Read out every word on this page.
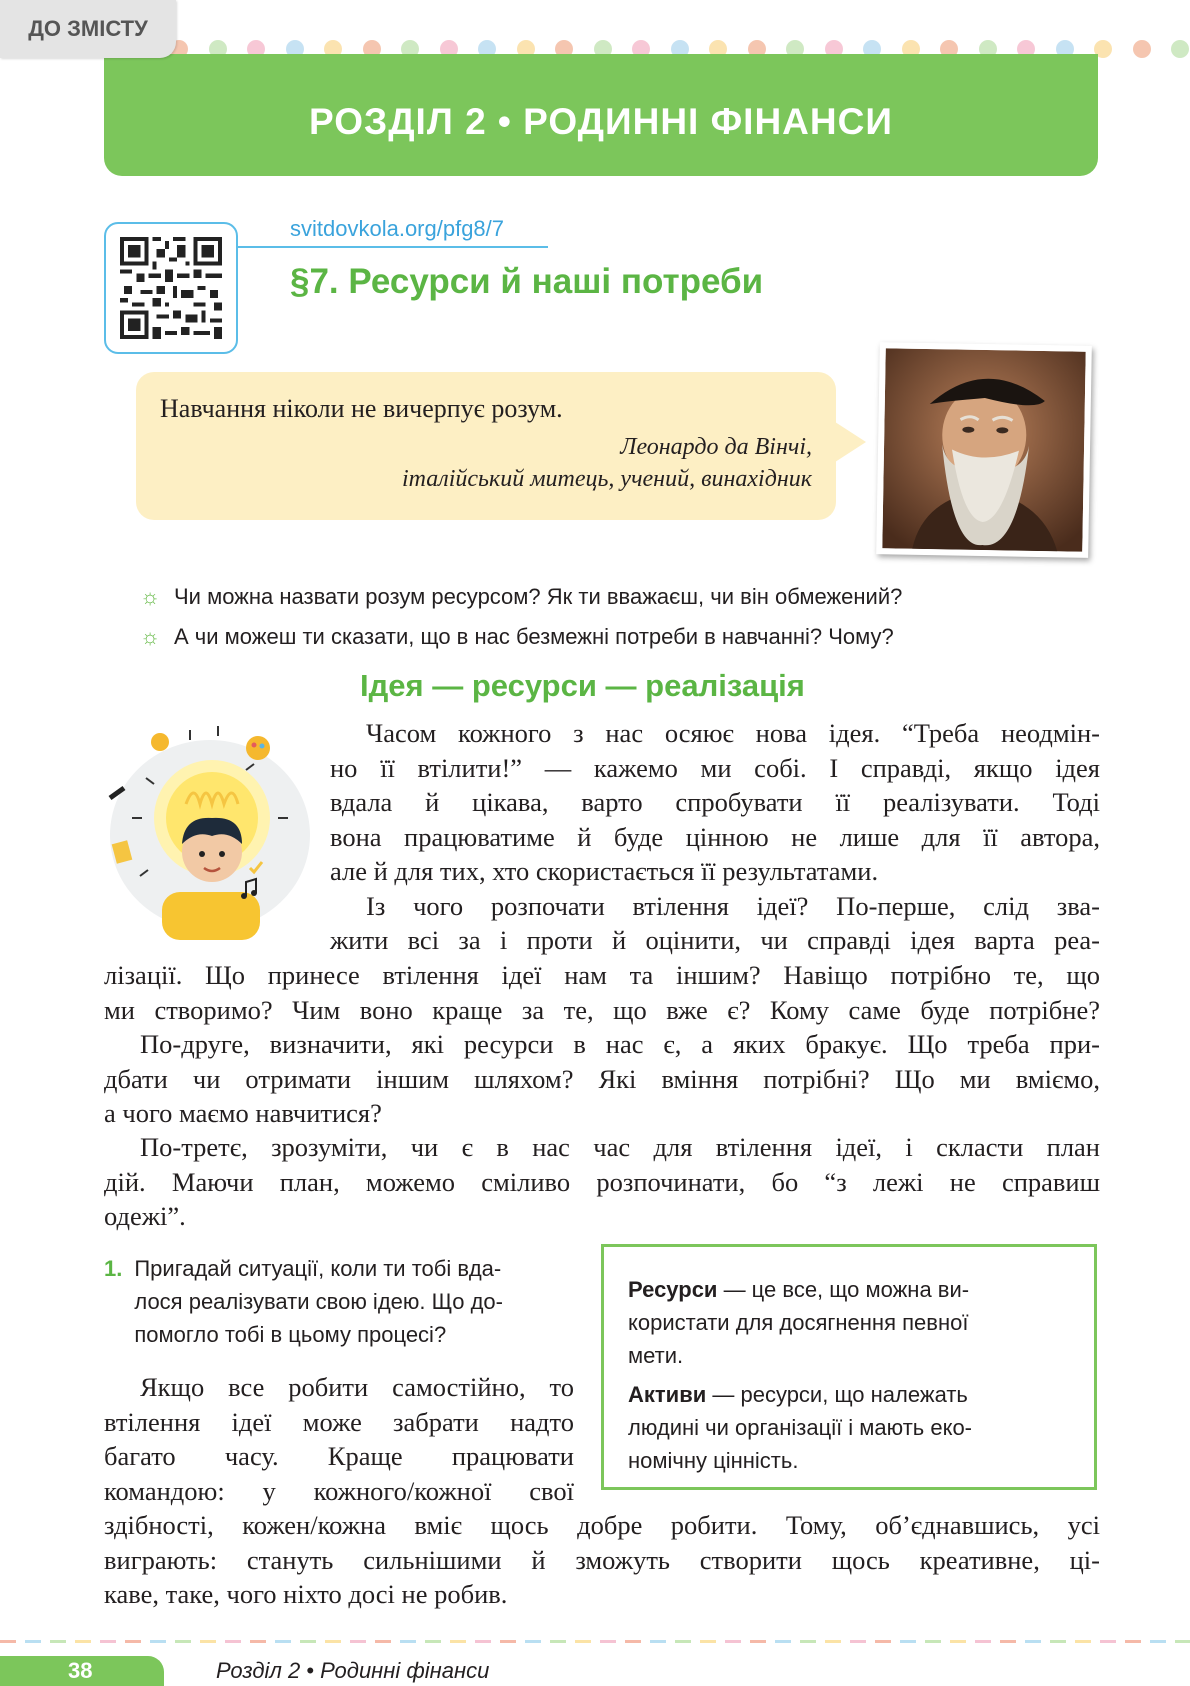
ДО ЗМІСТУ
РОЗДІЛ 2 • РОДИННІ ФІНАНСИ
svitdovkola.org/pfg8/7
§7. Ресурси й наші потреби
Навчання ніколи не вичерпує розум.
Леонардо да Вінчі,
італійський митець, учений, винахідник
☼ Чи можна назвати розум ресурсом? Як ти вважаєш, чи він обмежений?
☼ А чи можеш ти сказати, що в нас безмежні потреби в навчанні? Чому?
Ідея — ресурси — реалізація
Часом кожного з нас осяює нова ідея. “Треба неодмін-
но її втілити!” — кажемо ми собі. І справді, якщо ідея
вдала й цікава, варто спробувати її реалізувати. Тоді
вона працюватиме й буде цінною не лише для її автора,
але й для тих, хто скористається її результатами.
Із чого розпочати втілення ідеї? По-перше, слід зва-
жити всі за і проти й оцінити, чи справді ідея варта реа-
лізації. Що принесе втілення ідеї нам та іншим? Навіщо потрібно те, що
ми створимо? Чим воно краще за те, що вже є? Кому саме буде потрібне?
По-друге, визначити, які ресурси в нас є, а яких бракує. Що треба при-
дбати чи отримати іншим шляхом? Які вміння потрібні? Що ми вміємо,
а чого маємо навчитися?
По-третє, зрозуміти, чи є в нас час для втілення ідеї, і скласти план
дій. Маючи план, можемо сміливо розпочинати, бо “з лежі не справиш
одежі”.
1. Пригадай ситуації, коли ти тобі вда-
лося реалізувати свою ідею. Що до-
помогло тобі в цьому процесі?
Ресурси — це все, що можна ви-
користати для досягнення певної
мети.
Активи — ресурси, що належать
людині чи організації і мають еко-
номічну цінність.
Якщо все робити самостійно, то
втілення ідеї може забрати надто
багато часу. Краще працювати
командою: у кожного/кожної свої
здібності, кожен/кожна вміє щось добре робити. Тому, об’єднавшись, усі
виграють: стануть сильнішими й зможуть створити щось креативне, ці-
каве, таке, чого ніхто досі не робив.
38	Розділ 2 • Родинні фінанси
